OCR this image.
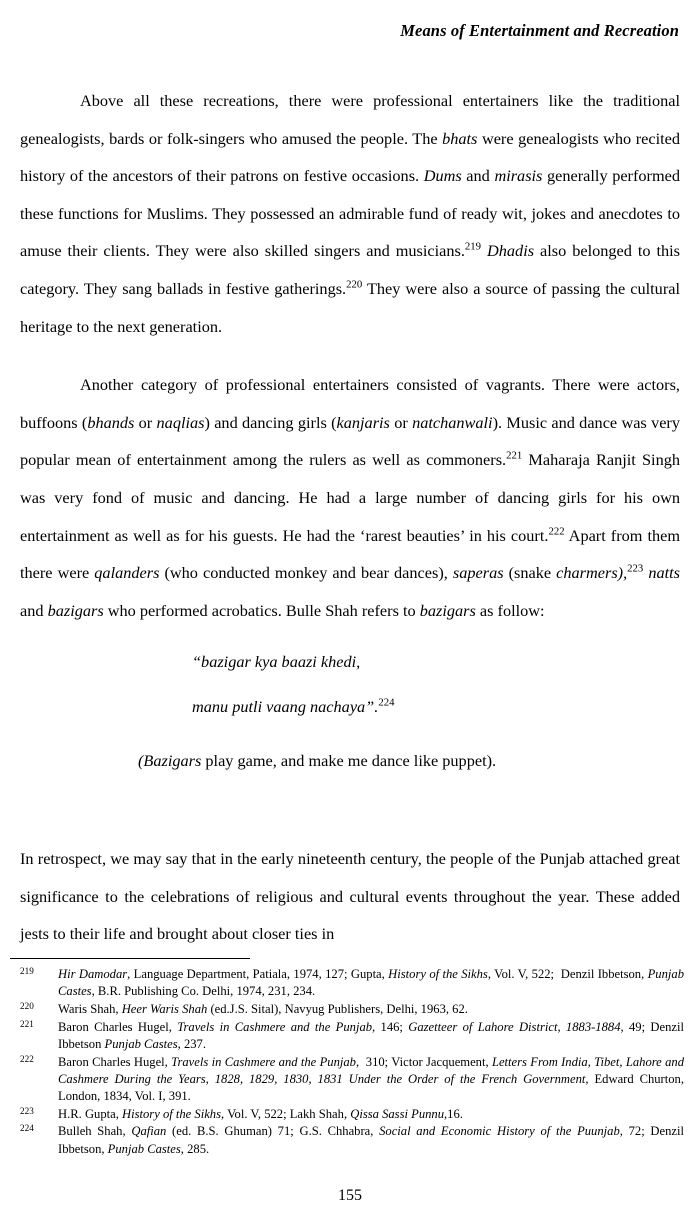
Means of Entertainment and Recreation

Above all these recreations, there were professional entertainers like the traditional genealogists, bards or folk-singers who amused the people. The bhats were genealogists who recited history of the ancestors of their patrons on festive occasions. Dums and mirasis generally performed these functions for Muslims. They possessed an admirable fund of ready wit, jokes and anecdotes to amuse their clients. They were also skilled singers and musicians.$^{219}$ Dhadis also belonged to this category. They sang ballads in festive gatherings.$^{220}$ They were also a source of passing the cultural heritage to the next generation.

Another category of professional entertainers consisted of vagrants. There were actors, buffoons (bhands or naqlias) and dancing girls (kanjaris or natchanwali). Music and dance was very popular mean of entertainment among the rulers as well as commoners.$^{221}$ Maharaja Ranjit Singh was very fond of music and dancing. He had a large number of dancing girls for his own entertainment as well as for his guests. He had the ‘rarest beauties’ in his court.$^{222}$ Apart from them there were qalanders (who conducted monkey and bear dances), saperas (snake charmers),$^{223}$ natts and bazigars who performed acrobatics. Bulle Shah refers to bazigars as follow:

“bazigar kya baazi khedi,
manu putli vaang nachaya”.$^{224}$
(Bazigars play game, and make me dance like puppet).

In retrospect, we may say that in the early nineteenth century, the people of the Punjab attached great significance to the celebrations of religious and cultural events throughout the year. These added jests to their life and brought about closer ties in

219 Hir Damodar, Language Department, Patiala, 1974, 127; Gupta, History of the Sikhs, Vol. V, 522;  Denzil Ibbetson, Punjab Castes, B.R. Publishing Co. Delhi, 1974, 231, 234.
220 Waris Shah, Heer Waris Shah (ed.J.S. Sital), Navyug Publishers, Delhi, 1963, 62.
221 Baron Charles Hugel, Travels in Cashmere and the Punjab, 146; Gazetteer of Lahore District, 1883-1884, 49; Denzil Ibbetson Punjab Castes, 237.
222 Baron Charles Hugel, Travels in Cashmere and the Punjab,  310; Victor Jacquement, Letters From India, Tibet, Lahore and Cashmere During the Years, 1828, 1829, 1830, 1831 Under the Order of the French Government, Edward Churton, London, 1834, Vol. I, 391.
223 H.R. Gupta, History of the Sikhs, Vol. V, 522; Lakh Shah, Qissa Sassi Punnu,16.
224 Bulleh Shah, Qafian (ed. B.S. Ghuman) 71; G.S. Chhabra, Social and Economic History of the Puunjab, 72; Denzil Ibbetson, Punjab Castes, 285.
155
